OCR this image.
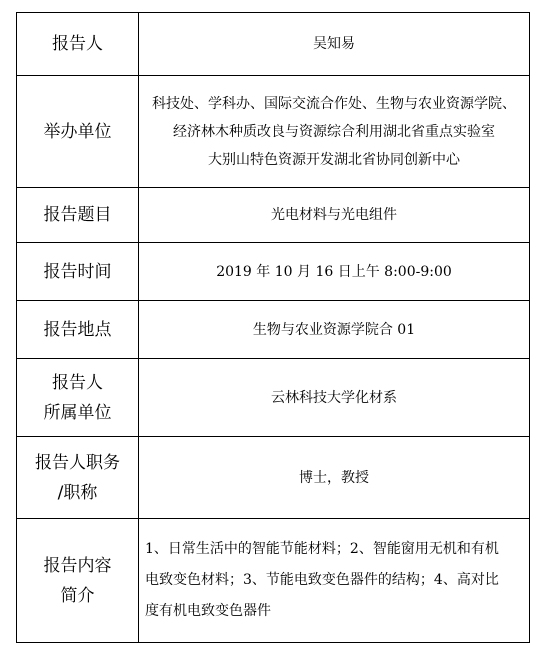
报告人	吴知易

举办单位	科技处、学科办、国际交流合作处、生物与农业资源学院、
经济林木种质改良与资源综合利用湖北省重点实验室
大别山特色资源开发湖北省协同创新中心

报告题目	光电材料与光电组件

报告时间	2019 年 10 月 16 日上午 8:00-9:00

报告地点	生物与农业资源学院合 01

报告人
所属单位	云林科技大学化材系

报告人职务
/职称	博士，教授

报告内容
简介	1、日常生活中的智能节能材料；2、智能窗用无机和有机
电致变色材料；3、节能电致变色器件的结构；4、高对比
度有机电致变色器件
